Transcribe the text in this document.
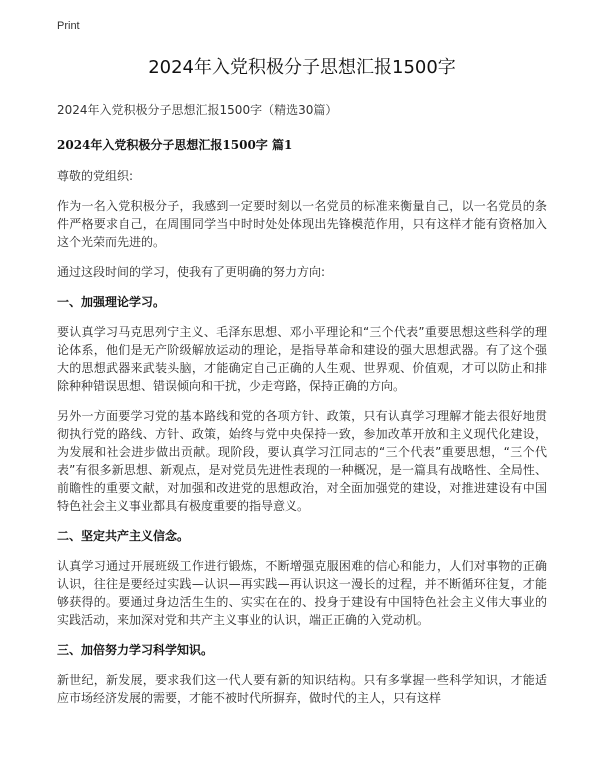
Print
2024年入党积极分子思想汇报1500字

2024年入党积极分子思想汇报1500字（精选30篇）

2024年入党积极分子思想汇报1500字 篇1

尊敬的党组织:

作为一名入党积极分子，我感到一定要时刻以一名党员的标准来衡量自己，以一名党员的条件严格要求自己，在周围同学当中时时处处体现出先锋模范作用，只有这样才能有资格加入这个光荣而先进的。

通过这段时间的学习，使我有了更明确的努力方向:

一、加强理论学习。

要认真学习马克思列宁主义、毛泽东思想、邓小平理论和“三个代表”重要思想这些科学的理论体系，他们是无产阶级解放运动的理论，是指导革命和建设的强大思想武器。有了这个强大的思想武器来武装头脑，才能确定自己正确的人生观、世界观、价值观，才可以防止和排除种种错误思想、错误倾向和干扰，少走弯路，保持正确的方向。

另外一方面要学习党的基本路线和党的各项方针、政策，只有认真学习理解才能去很好地贯彻执行党的路线、方针、政策，始终与党中央保持一致，参加改革开放和主义现代化建设，为发展和社会进步做出贡献。现阶段，要认真学习江同志的“三个代表”重要思想，“三个代表”有很多新思想、新观点，是对党员先进性表现的一种概况，是一篇具有战略性、全局性、前瞻性的重要文献，对加强和改进党的思想政治，对全面加强党的建设，对推进建设有中国特色社会主义事业都具有极度重要的指导意义。

二、坚定共产主义信念。

认真学习通过开展班级工作进行锻炼，不断增强克服困难的信心和能力，人们对事物的正确认识，往往是要经过实践—认识—再实践—再认识这一漫长的过程，并不断循环往复，才能够获得的。要通过身边活生生的、实实在在的、投身于建设有中国特色社会主义伟大事业的实践活动，来加深对党和共产主义事业的认识，端正正确的入党动机。

三、加倍努力学习科学知识。

新世纪，新发展，要求我们这一代人要有新的知识结构。只有多掌握一些科学知识，才能适应市场经济发展的需要，才能不被时代所摒弃，做时代的主人，只有这样
